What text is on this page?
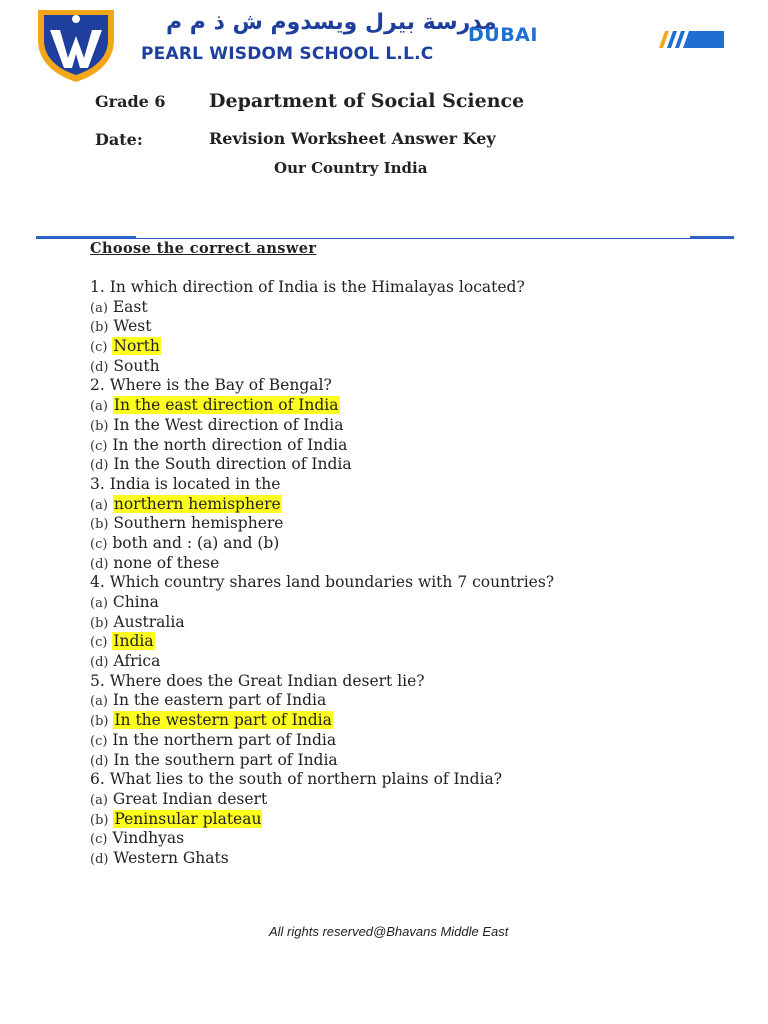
مدرسة بيرل ويسدوم ش ذ م م
PEARL WISDOM SCHOOL L.L.C
DUBAI
Grade 6 Department of Social Science
Date:	Revision Worksheet Answer Key
Our Country India
Choose the correct answer
1. In which direction of India is the Himalayas located?
(a) East
(b) West
(c) North
(d) South
2. Where is the Bay of Bengal?
(a) In the east direction of India
(b) In the West direction of India
(c) In the north direction of India
(d) In the South direction of India
3. India is located in the
(a) northern hemisphere
(b) Southern hemisphere
(c) both and : (a) and (b)
(d) none of these
4. Which country shares land boundaries with 7 countries?
(a) China
(b) Australia
(c) India
(d) Africa
5. Where does the Great Indian desert lie?
(a) In the eastern part of India
(b) In the western part of India
(c) In the northern part of India
(d) In the southern part of India
6. What lies to the south of northern plains of India?
(a) Great Indian desert
(b) Peninsular plateau
(c) Vindhyas
(d) Western Ghats
All rights reserved@Bhavans Middle East
